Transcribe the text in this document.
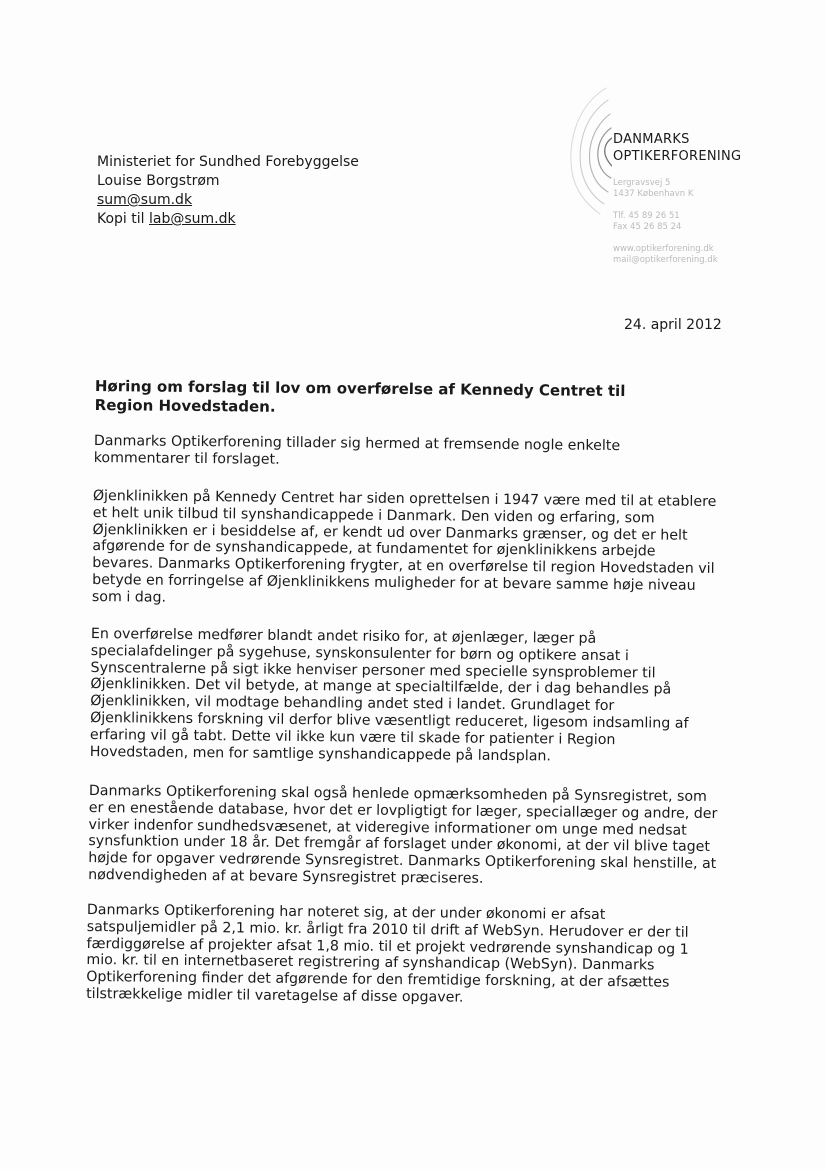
DANMARKS
OPTIKERFORENING
Lergravsvej 5
1437 København K
Tlf. 45 89 26 51
Fax 45 26 85 24
www.optikerforening.dk
mail@optikerforening.dk
Ministeriet for Sundhed Forebyggelse
Louise Borgstrøm
sum@sum.dk
Kopi til lab@sum.dk
24. april 2012
Høring om forslag til lov om overførelse af Kennedy Centret til Region Hovedstaden.
Danmarks Optikerforening tillader sig hermed at fremsende nogle enkelte kommentarer til forslaget.
Øjenklinikken på Kennedy Centret har siden oprettelsen i 1947 være med til at etablere et helt unik tilbud til synshandicappede i Danmark. Den viden og erfaring, som Øjenklinikken er i besiddelse af, er kendt ud over Danmarks grænser, og det er helt afgørende for de synshandicappede, at fundamentet for øjenklinikkens arbejde bevares. Danmarks Optikerforening frygter, at en overførelse til region Hovedstaden vil betyde en forringelse af Øjenklinikkens muligheder for at bevare samme høje niveau som i dag.
En overførelse medfører blandt andet risiko for, at øjenlæger, læger på specialafdelinger på sygehuse, synskonsulenter for børn og optikere ansat i Synscentralerne på sigt ikke henviser personer med specielle synsproblemer til Øjenklinikken. Det vil betyde, at mange at specialtilfælde, der i dag behandles på Øjenklinikken, vil modtage behandling andet sted i landet. Grundlaget for Øjenklinikkens forskning vil derfor blive væsentligt reduceret, ligesom indsamling af erfaring vil gå tabt. Dette vil ikke kun være til skade for patienter i Region Hovedstaden, men for samtlige synshandicappede på landsplan.
Danmarks Optikerforening skal også henlede opmærksomheden på Synsregistret, som er en enestående database, hvor det er lovpligtigt for læger, speciallæger og andre, der virker indenfor sundhedsvæsenet, at videregive informationer om unge med nedsat synsfunktion under 18 år. Det fremgår af forslaget under økonomi, at der vil blive taget højde for opgaver vedrørende Synsregistret. Danmarks Optikerforening skal henstille, at nødvendigheden af at bevare Synsregistret præciseres.
Danmarks Optikerforening har noteret sig, at der under økonomi er afsat satspuljemidler på 2,1 mio. kr. årligt fra 2010 til drift af WebSyn. Herudover er der til færdiggørelse af projekter afsat 1,8 mio. til et projekt vedrørende synshandicap og 1 mio. kr. til en internetbaseret registrering af synshandicap (WebSyn). Danmarks Optikerforening finder det afgørende for den fremtidige forskning, at der afsættes tilstrækkelige midler til varetagelse af disse opgaver.
